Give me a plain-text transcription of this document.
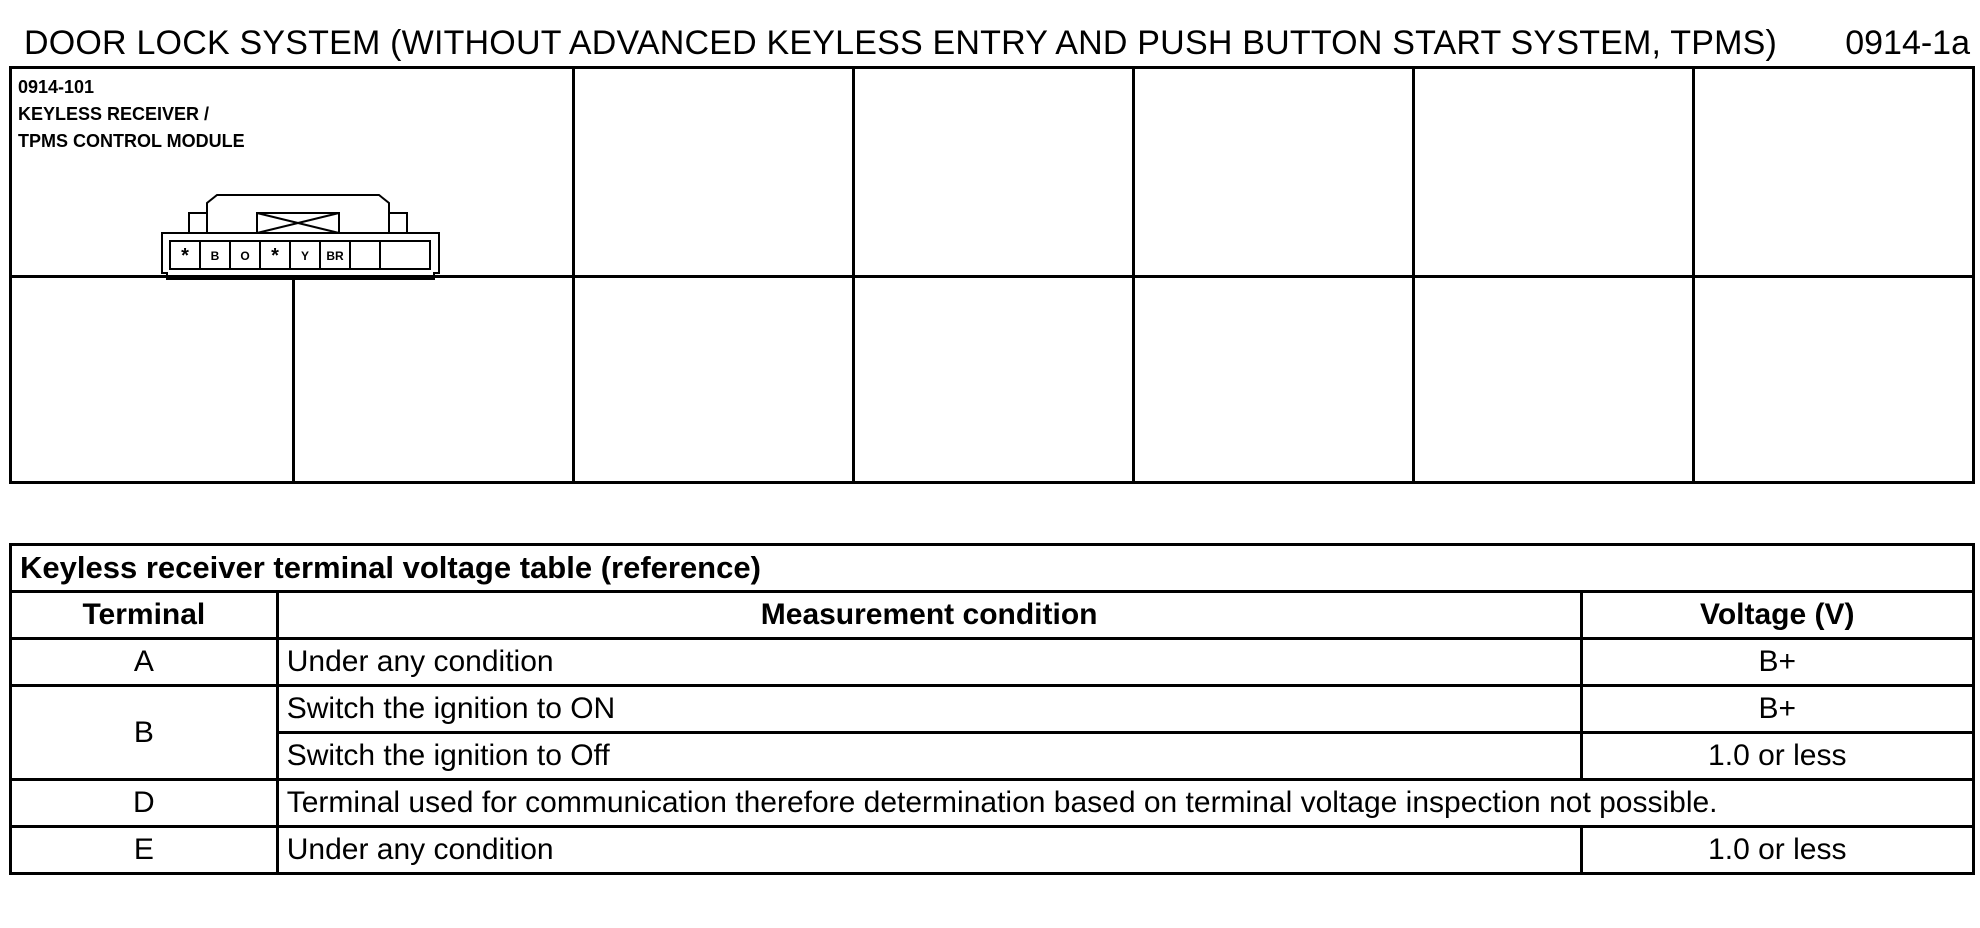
DOOR LOCK SYSTEM (WITHOUT ADVANCED KEYLESS ENTRY AND PUSH BUTTON START SYSTEM, TPMS) 0914-1a
0914-101
KEYLESS RECEIVER /
TPMS CONTROL MODULE
* B O * Y BR
Keyless receiver terminal voltage table (reference)		
Terminal	Measurement condition	Voltage (V)
A	Under any condition	B+
B	Switch the ignition to ON	B+
	Switch the ignition to Off	1.0 or less
D	Terminal used for communication therefore determination based on terminal voltage inspection not possible.	
E	Under any condition	1.0 or less
